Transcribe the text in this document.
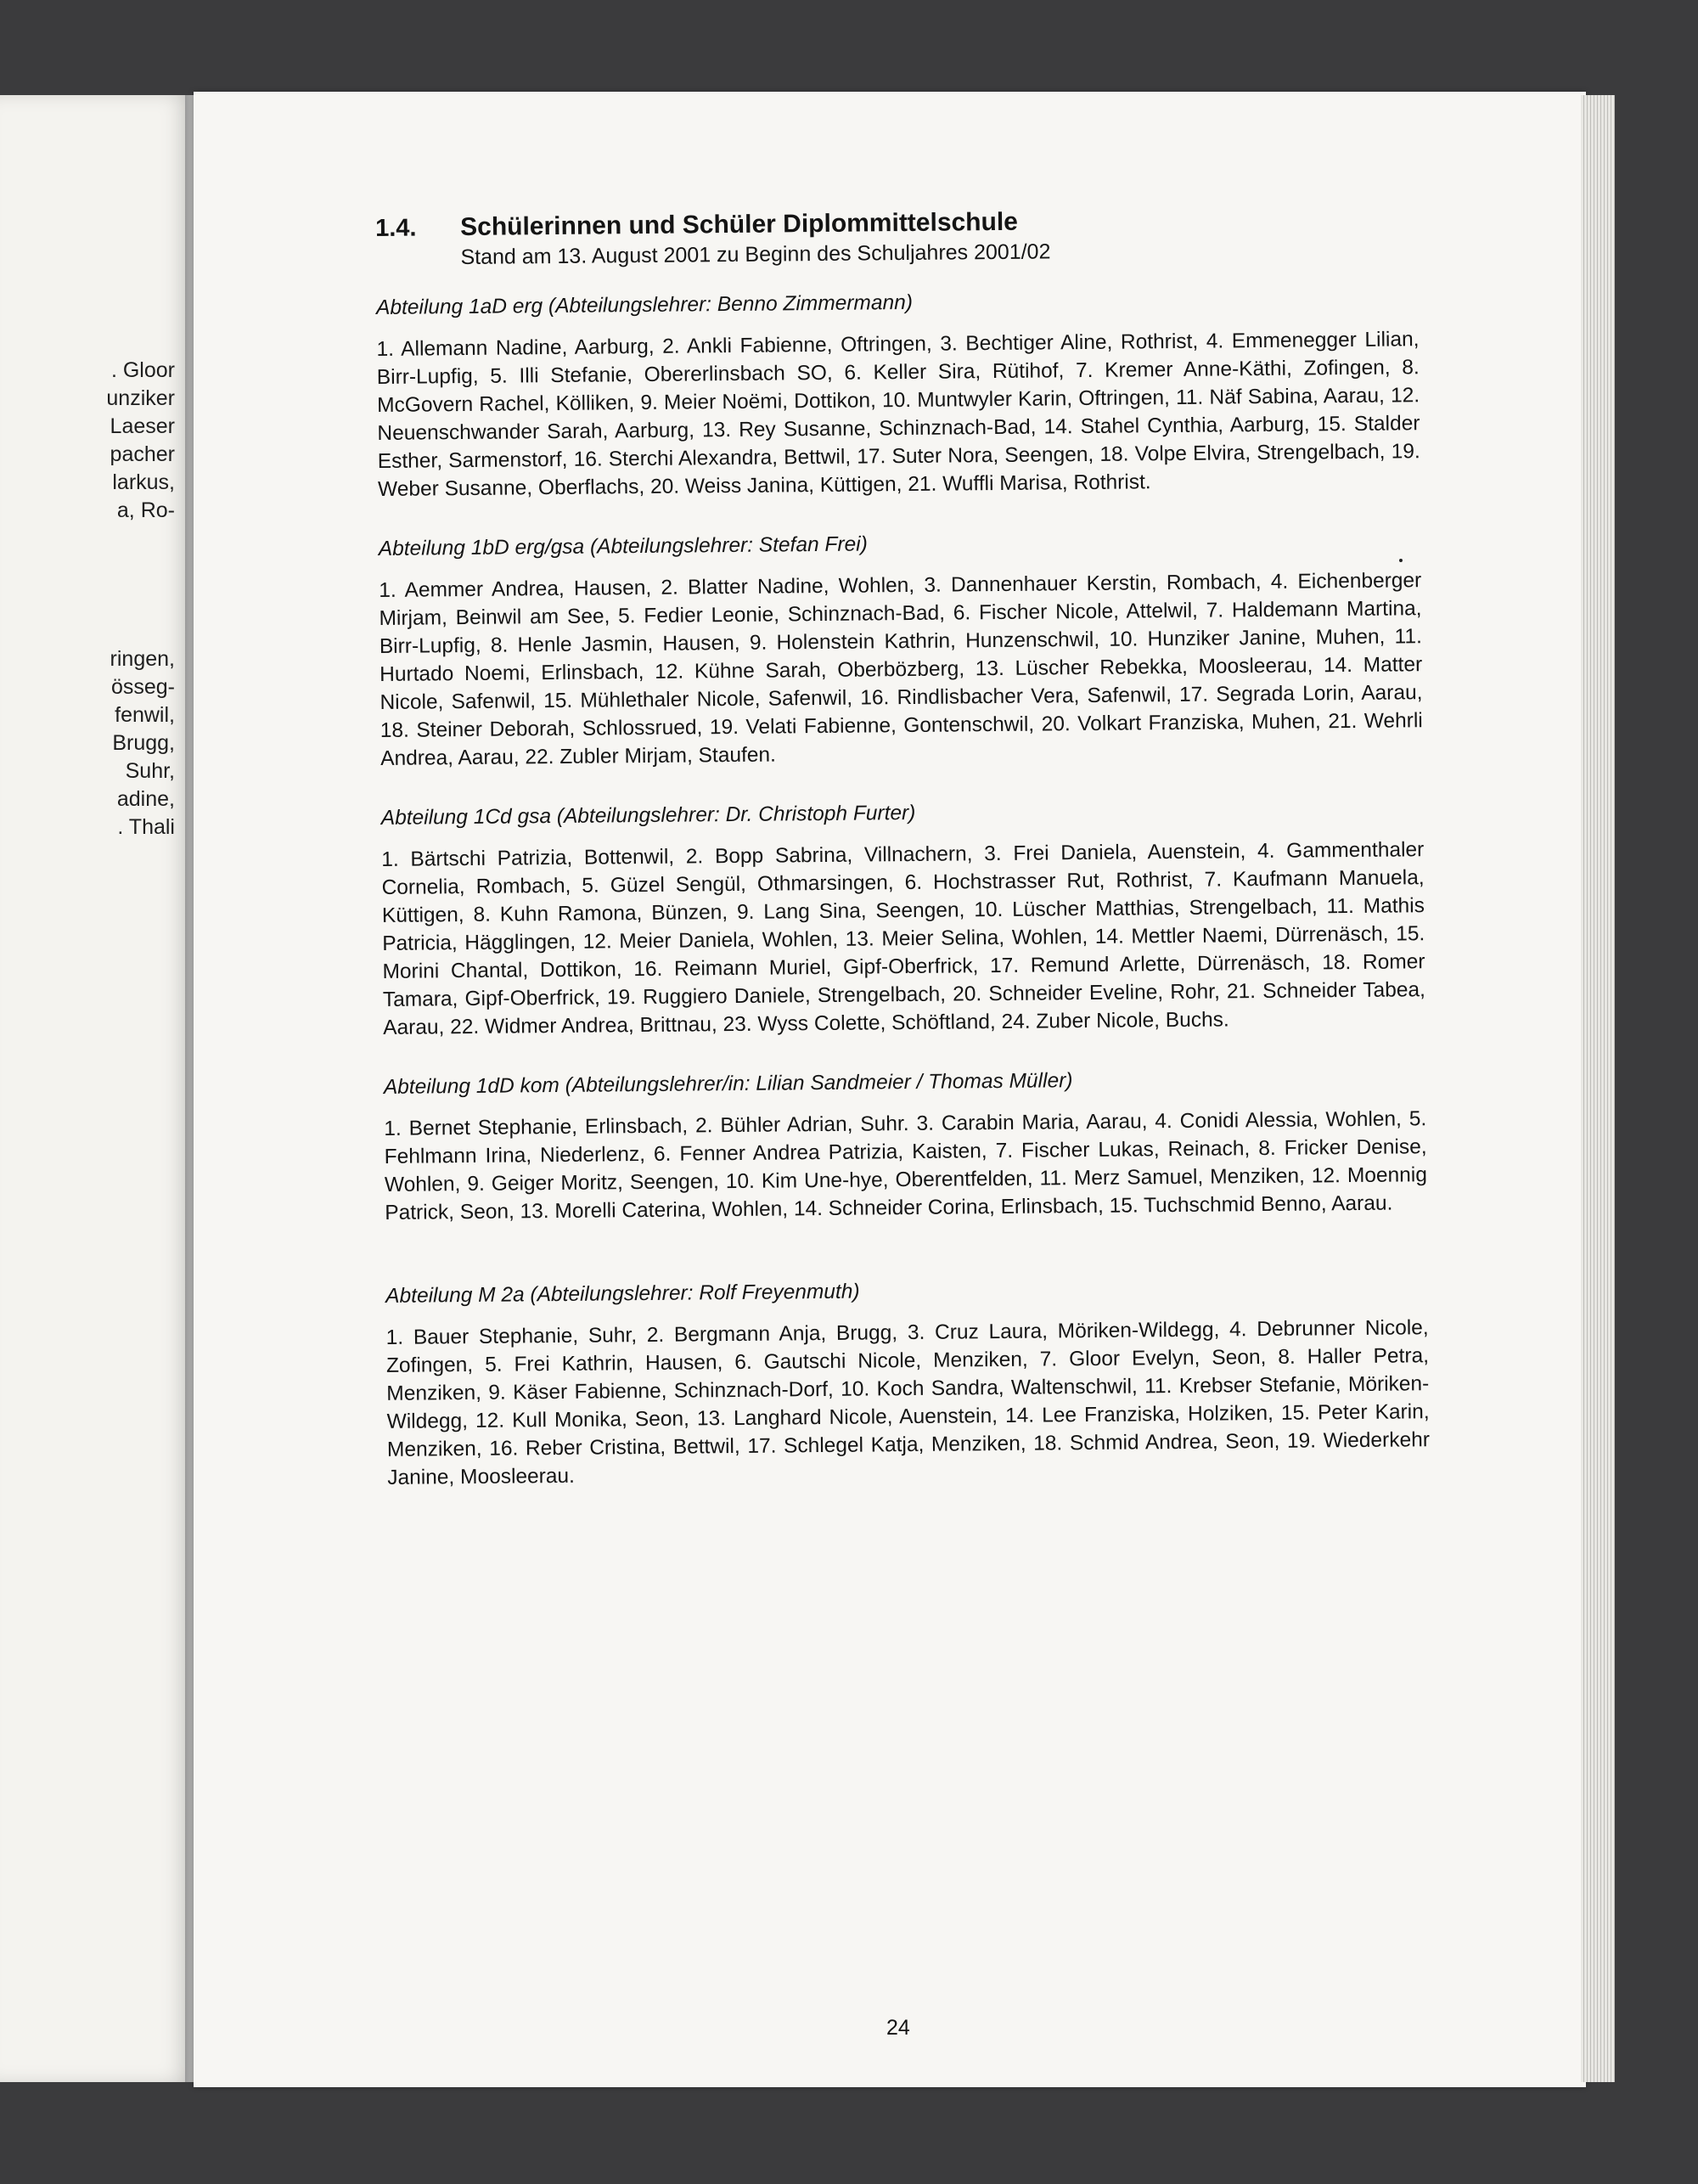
. Gloor
unziker
Laeser
pacher
larkus,
a, Ro-
ringen,
össeg-
fenwil,
Brugg,
Suhr,
adine,
. Thali
1.4.	Schülerinnen und Schüler Diplommittelschule
Stand am 13. August 2001 zu Beginn des Schuljahres 2001/02
Abteilung 1aD erg (Abteilungslehrer: Benno Zimmermann)
1. Allemann Nadine, Aarburg, 2. Ankli Fabienne, Oftringen, 3. Bechtiger Aline, Rothrist, 4. Emmenegger Lilian, Birr-Lupfig, 5. Illi Stefanie, Obererlinsbach SO, 6. Keller Sira, Rütihof, 7. Kremer Anne-Käthi, Zofingen, 8. McGovern Rachel, Kölliken, 9. Meier Noëmi, Dottikon, 10. Muntwyler Karin, Oftringen, 11. Näf Sabina, Aarau, 12. Neuenschwander Sarah, Aarburg, 13. Rey Susanne, Schinznach-Bad, 14. Stahel Cynthia, Aarburg, 15. Stalder Esther, Sarmenstorf, 16. Sterchi Alexandra, Bettwil, 17. Suter Nora, Seengen, 18. Volpe Elvira, Strengelbach, 19. Weber Susanne, Oberflachs, 20. Weiss Janina, Küttigen, 21. Wuffli Marisa, Rothrist.
Abteilung 1bD erg/gsa (Abteilungslehrer: Stefan Frei)
1. Aemmer Andrea, Hausen, 2. Blatter Nadine, Wohlen, 3. Dannenhauer Kerstin, Rombach, 4. Eichenberger Mirjam, Beinwil am See, 5. Fedier Leonie, Schinznach-Bad, 6. Fischer Nicole, Attelwil, 7. Haldemann Martina, Birr-Lupfig, 8. Henle Jasmin, Hausen, 9. Holenstein Kathrin, Hunzenschwil, 10. Hunziker Janine, Muhen, 11. Hurtado Noemi, Erlinsbach, 12. Kühne Sarah, Oberbözberg, 13. Lüscher Rebekka, Moosleerau, 14. Matter Nicole, Safenwil, 15. Mühlethaler Nicole, Safenwil, 16. Rindlisbacher Vera, Safenwil, 17. Segrada Lorin, Aarau, 18. Steiner Deborah, Schlossrued, 19. Velati Fabienne, Gontenschwil, 20. Volkart Franziska, Muhen, 21. Wehrli Andrea, Aarau, 22. Zubler Mirjam, Staufen.
Abteilung 1Cd gsa (Abteilungslehrer: Dr. Christoph Furter)
1. Bärtschi Patrizia, Bottenwil, 2. Bopp Sabrina, Villnachern, 3. Frei Daniela, Auenstein, 4. Gammenthaler Cornelia, Rombach, 5. Güzel Sengül, Othmarsingen, 6. Hochstrasser Rut, Rothrist, 7. Kaufmann Manuela, Küttigen, 8. Kuhn Ramona, Bünzen, 9. Lang Sina, Seengen, 10. Lüscher Matthias, Strengelbach, 11. Mathis Patricia, Hägglingen, 12. Meier Daniela, Wohlen, 13. Meier Selina, Wohlen, 14. Mettler Naemi, Dürrenäsch, 15. Morini Chantal, Dottikon, 16. Reimann Muriel, Gipf-Oberfrick, 17. Remund Arlette, Dürrenäsch, 18. Romer Tamara, Gipf-Oberfrick, 19. Ruggiero Daniele, Strengelbach, 20. Schneider Eveline, Rohr, 21. Schneider Tabea, Aarau, 22. Widmer Andrea, Brittnau, 23. Wyss Colette, Schöftland, 24. Zuber Nicole, Buchs.
Abteilung 1dD kom (Abteilungslehrer/in: Lilian Sandmeier / Thomas Müller)
1. Bernet Stephanie, Erlinsbach, 2. Bühler Adrian, Suhr. 3. Carabin Maria, Aarau, 4. Conidi Alessia, Wohlen, 5. Fehlmann Irina, Niederlenz, 6. Fenner Andrea Patrizia, Kaisten, 7. Fischer Lukas, Reinach, 8. Fricker Denise, Wohlen, 9. Geiger Moritz, Seengen, 10. Kim Une-hye, Oberentfelden, 11. Merz Samuel, Menziken, 12. Moennig Patrick, Seon, 13. Morelli Caterina, Wohlen, 14. Schneider Corina, Erlinsbach, 15. Tuchschmid Benno, Aarau.
Abteilung M 2a (Abteilungslehrer: Rolf Freyenmuth)
1. Bauer Stephanie, Suhr, 2. Bergmann Anja, Brugg, 3. Cruz Laura, Möriken-Wildegg, 4. Debrunner Nicole, Zofingen, 5. Frei Kathrin, Hausen, 6. Gautschi Nicole, Menziken, 7. Gloor Evelyn, Seon, 8. Haller Petra, Menziken, 9. Käser Fabienne, Schinznach-Dorf, 10. Koch Sandra, Waltenschwil, 11. Krebser Stefanie, Möriken-Wildegg, 12. Kull Monika, Seon, 13. Langhard Nicole, Auenstein, 14. Lee Franziska, Holziken, 15. Peter Karin, Menziken, 16. Reber Cristina, Bettwil, 17. Schlegel Katja, Menziken, 18. Schmid Andrea, Seon, 19. Wiederkehr Janine, Moosleerau.
24
